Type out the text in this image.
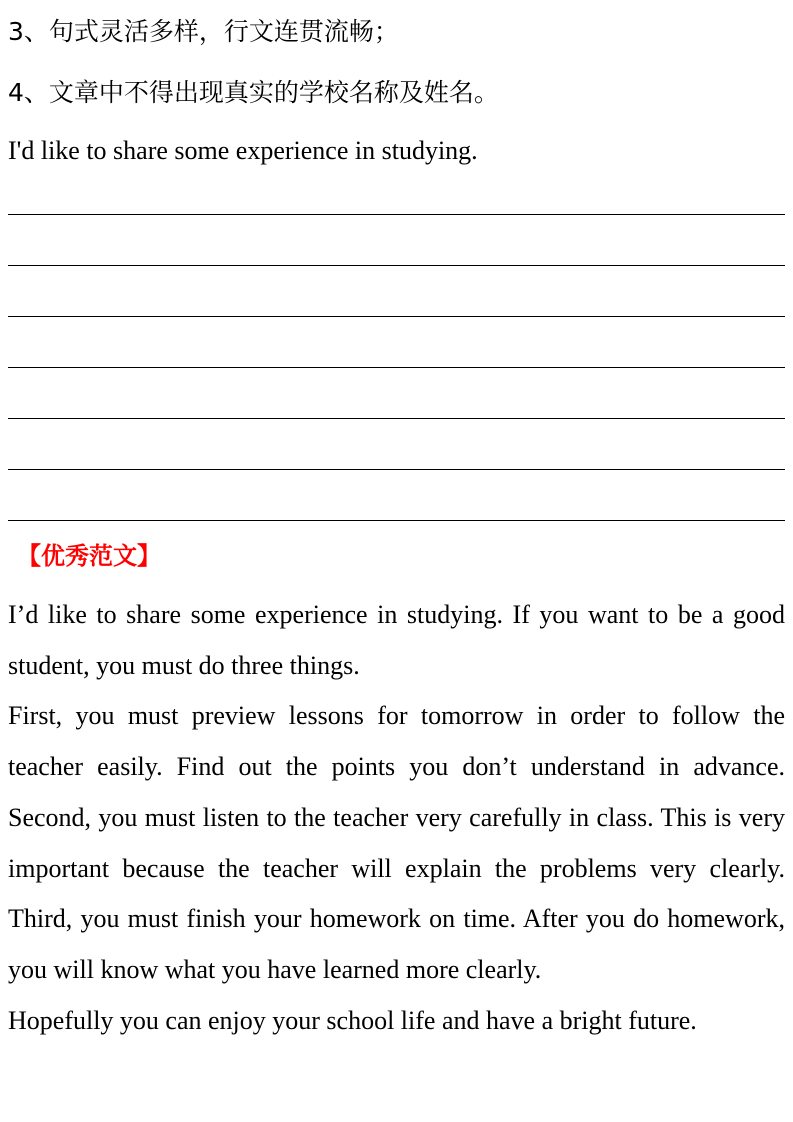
3、句式灵活多样，行文连贯流畅；
4、文章中不得出现真实的学校名称及姓名。
I'd like to share some experience in studying.
【优秀范文】

I’d like to share some experience in studying. If you want to be a good student, you must do three things.

First, you must preview lessons for tomorrow in order to follow the teacher easily. Find out the points you don’t understand in advance. Second, you must listen to the teacher very carefully in class. This is very important because the teacher will explain the problems very clearly. Third, you must finish your homework on time. After you do homework, you will know what you have learned more clearly.

Hopefully you can enjoy your school life and have a bright future.
